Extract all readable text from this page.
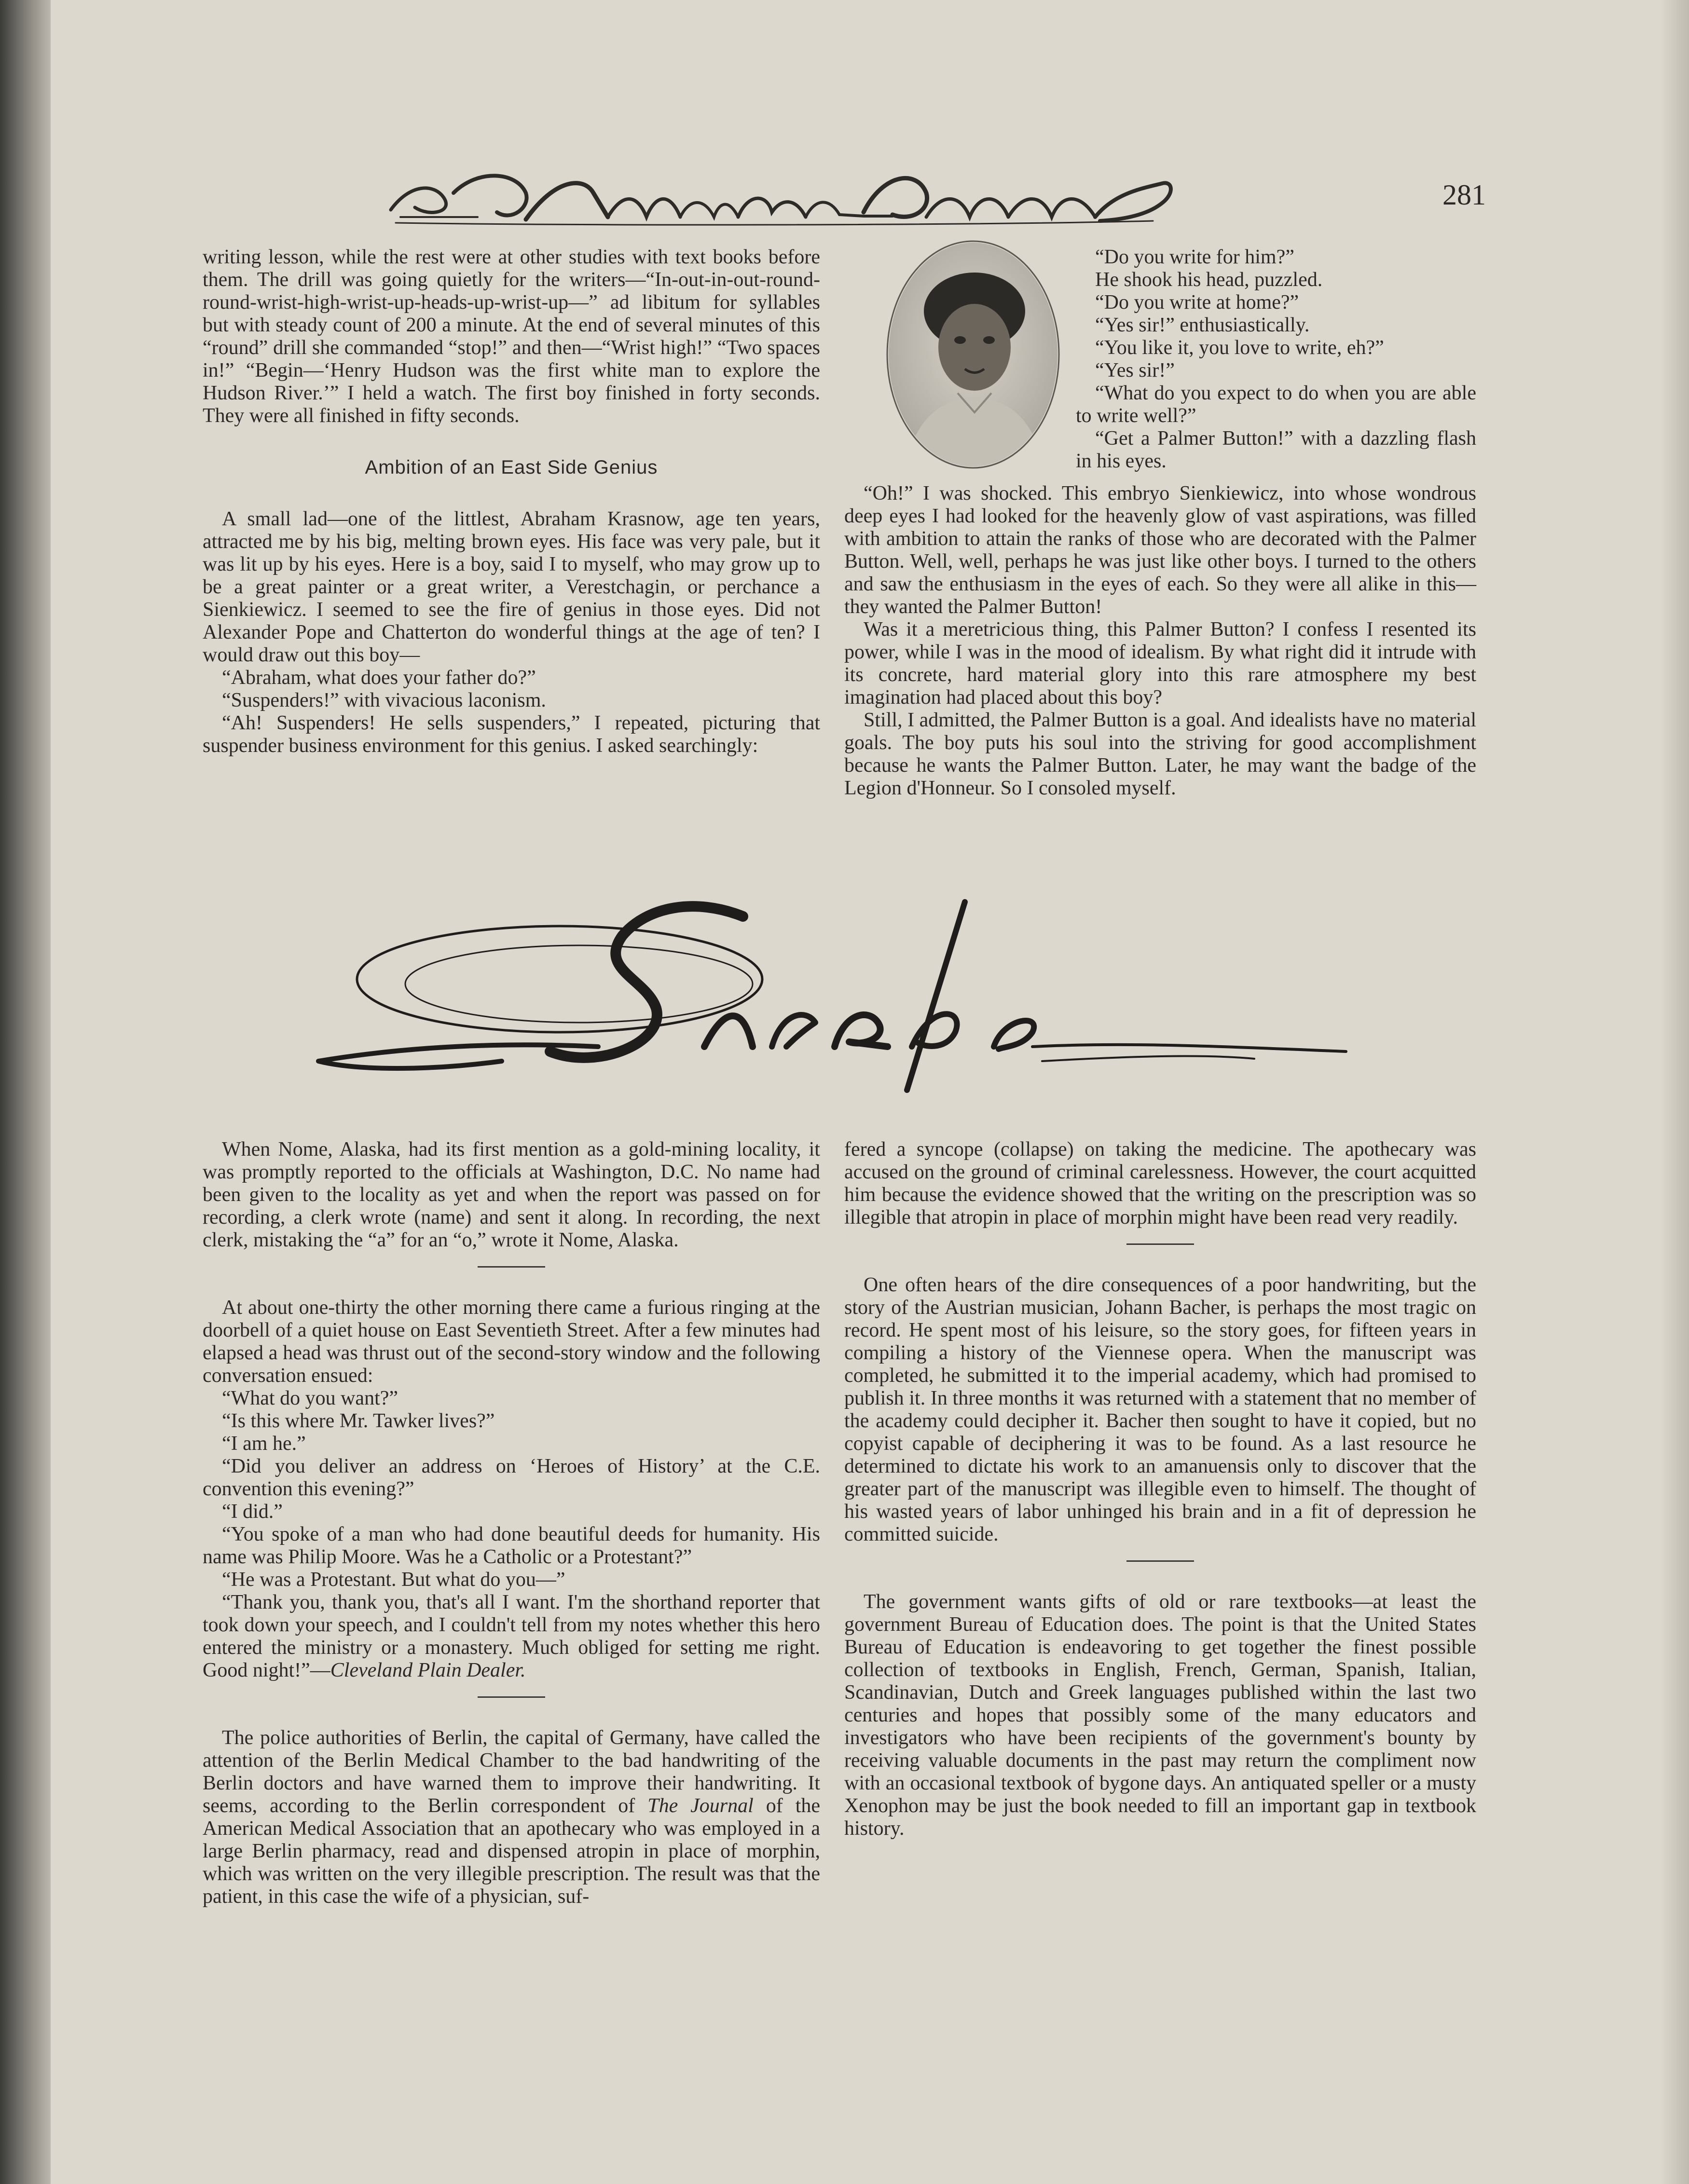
281

writing lesson, while the rest were at other studies with text books before them. The drill was going quietly for the writers—“In-out-in-out-round-round-wrist-high-wrist-up-heads-up-wrist-up—” ad libitum for syllables but with steady count of 200 a minute. At the end of several minutes of this “round” drill she commanded “stop!” and then—“Wrist high!” “Two spaces in!” “Begin—‘Henry Hudson was the first white man to explore the Hudson River.’” I held a watch. The first boy finished in forty seconds. They were all finished in fifty seconds.

Ambition of an East Side Genius

A small lad—one of the littlest, Abraham Krasnow, age ten years, attracted me by his big, melting brown eyes. His face was very pale, but it was lit up by his eyes. Here is a boy, said I to myself, who may grow up to be a great painter or a great writer, a Verestchagin, or perchance a Sienkiewicz. I seemed to see the fire of genius in those eyes. Did not Alexander Pope and Chatterton do wonderful things at the age of ten? I would draw out this boy—

“Abraham, what does your father do?”

“Suspenders!” with vivacious laconism.

“Ah! Suspenders! He sells suspenders,” I repeated, picturing that suspender business environment for this genius. I asked searchingly:

“Do you write for him?”

He shook his head, puzzled.

“Do you write at home?”

“Yes sir!” enthusiastically.

“You like it, you love to write, eh?”

“Yes sir!”

“What do you expect to do when you are able to write well?”

“Get a Palmer Button!” with a dazzling flash in his eyes.

“Oh!” I was shocked. This embryo Sienkiewicz, into whose wondrous deep eyes I had looked for the heavenly glow of vast aspirations, was filled with ambition to attain the ranks of those who are decorated with the Palmer Button. Well, well, perhaps he was just like other boys. I turned to the others and saw the enthusiasm in the eyes of each. So they were all alike in this—they wanted the Palmer Button!

Was it a meretricious thing, this Palmer Button? I confess I resented its power, while I was in the mood of idealism. By what right did it intrude with its concrete, hard material glory into this rare atmosphere my best imagination had placed about this boy?

Still, I admitted, the Palmer Button is a goal. And idealists have no material goals. The boy puts his soul into the striving for good accomplishment because he wants the Palmer Button. Later, he may want the badge of the Legion d'Honneur. So I consoled myself.

When Nome, Alaska, had its first mention as a gold-mining locality, it was promptly reported to the officials at Washington, D.C. No name had been given to the locality as yet and when the report was passed on for recording, a clerk wrote (name) and sent it along. In recording, the next clerk, mistaking the “a” for an “o,” wrote it Nome, Alaska.

At about one-thirty the other morning there came a furious ringing at the doorbell of a quiet house on East Seventieth Street. After a few minutes had elapsed a head was thrust out of the second-story window and the following conversation ensued:

“What do you want?”

“Is this where Mr. Tawker lives?”

“I am he.”

“Did you deliver an address on ‘Heroes of History’ at the C.E. convention this evening?”

“I did.”

“You spoke of a man who had done beautiful deeds for humanity. His name was Philip Moore. Was he a Catholic or a Protestant?”

“He was a Protestant. But what do you—”

“Thank you, thank you, that's all I want. I'm the shorthand reporter that took down your speech, and I couldn't tell from my notes whether this hero entered the ministry or a monastery. Much obliged for setting me right. Good night!”—Cleveland Plain Dealer.

The police authorities of Berlin, the capital of Germany, have called the attention of the Berlin Medical Chamber to the bad handwriting of the Berlin doctors and have warned them to improve their handwriting. It seems, according to the Berlin correspondent of The Journal of the American Medical Association that an apothecary who was employed in a large Berlin pharmacy, read and dispensed atropin in place of morphin, which was written on the very illegible prescription. The result was that the patient, in this case the wife of a physician, suf-

fered a syncope (collapse) on taking the medicine. The apothecary was accused on the ground of criminal carelessness. However, the court acquitted him because the evidence showed that the writing on the prescription was so illegible that atropin in place of morphin might have been read very readily.

One often hears of the dire consequences of a poor handwriting, but the story of the Austrian musician, Johann Bacher, is perhaps the most tragic on record. He spent most of his leisure, so the story goes, for fifteen years in compiling a history of the Viennese opera. When the manuscript was completed, he submitted it to the imperial academy, which had promised to publish it. In three months it was returned with a statement that no member of the academy could decipher it. Bacher then sought to have it copied, but no copyist capable of deciphering it was to be found. As a last resource he determined to dictate his work to an amanuensis only to discover that the greater part of the manuscript was illegible even to himself. The thought of his wasted years of labor unhinged his brain and in a fit of depression he committed suicide.

The government wants gifts of old or rare textbooks—at least the government Bureau of Education does. The point is that the United States Bureau of Education is endeavoring to get together the finest possible collection of textbooks in English, French, German, Spanish, Italian, Scandinavian, Dutch and Greek languages published within the last two centuries and hopes that possibly some of the many educators and investigators who have been recipients of the government's bounty by receiving valuable documents in the past may return the compliment now with an occasional textbook of bygone days. An antiquated speller or a musty Xenophon may be just the book needed to fill an important gap in textbook history.
